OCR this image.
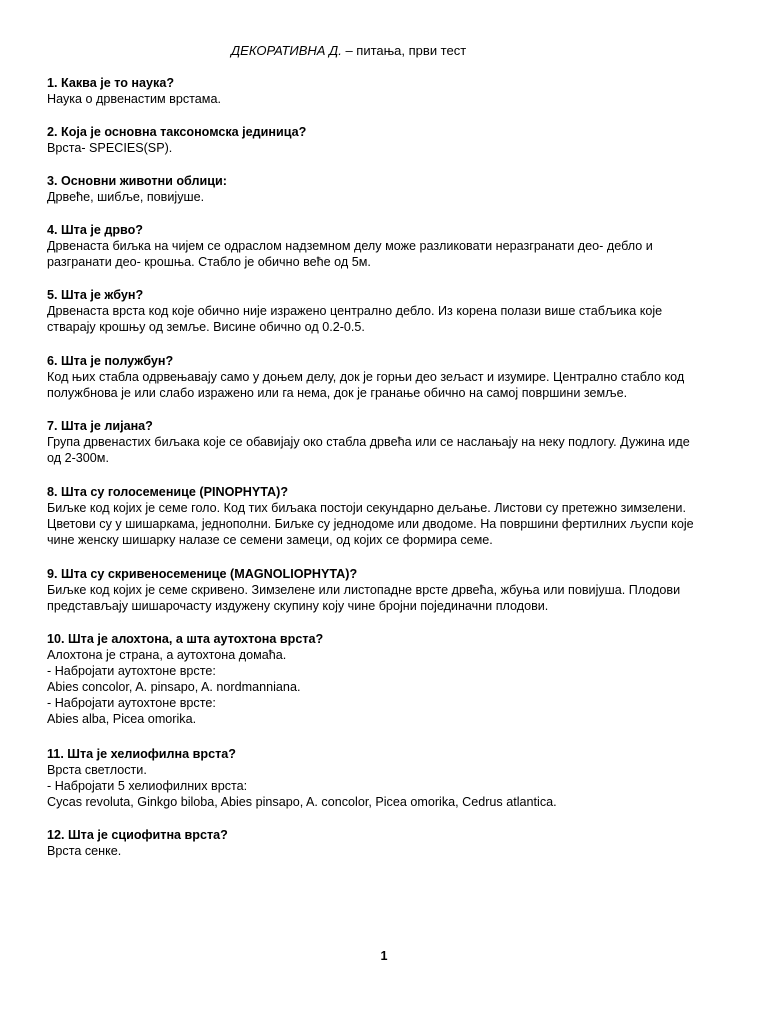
ДЕКОРАТИВНА Д. – питања, први тест
1. Каква је то наука?
Наука о дрвенастим врстама.
2. Која је основна таксономска јединица?
Врста- SPECIES(SP).
3. Основни животни облици:
Дрвеће, шибље, повијуше.
4. Шта је дрво?
Дрвенаста биљка на чијем се одраслом надземном делу може разликовати неразгранати део- дебло и
разгранати део- крошња. Стабло је обично веће од 5м.
5. Шта је жбун?
Дрвенаста врста код које обично није изражено централно дебло. Из корена полази више стабљика које
стварају крошњу од земље. Висине обично од 0.2-0.5.
6. Шта је полужбун?
Код њих стабла одрвењавају само у доњем делу, док је горњи део зељаст и изумире. Централно стабло код
полужбнова је или слабо изражено или га нема, док је гранање обично на самој површини земље.
7. Шта је лијана?
Група дрвенастих биљака које се обавијају око стабла дрвећа или се наслањају на неку подлогу. Дужина иде
од 2-300м.
8. Шта су голосеменице (PINOPHYTA)?
Биљке код којих је семе голо. Код тих биљака постоји секундарно дељање. Листови су претежно зимзелени.
Цветови су у шишаркама, једнополни. Биљке су једнодоме или дводоме. На површини фертилних љуспи које
чине женску шишарку налазе се семени замеци, од којих се формира семе.
9. Шта су скривеносеменице (MAGNOLIOPHYTA)?
Биљке код којих је семе скривено. Зимзелене или листопадне врсте дрвећа, жбуња или повијуша. Плодови
представљају шишарочасту издужену скупину коју чине бројни појединачни плодови.
10. Шта је алохтона, а шта аутохтона врста?
Алохтона је страна, а аутохтона домаћа.
- Набројати аутохтоне врсте:
Abies concolor, A. pinsapo, A. nordmanniana.
- Набројати аутохтоне врсте:
Abies alba, Picea omorika.
11. Шта је хелиофилна врста?
Врста светлости.
- Набројати 5 хелиофилних врста:
Cycas revoluta, Ginkgo biloba, Abies pinsapo, A. concolor, Picea omorika, Cedrus atlantica.
12. Шта је сциофитна врста?
Врста сенке.
1
